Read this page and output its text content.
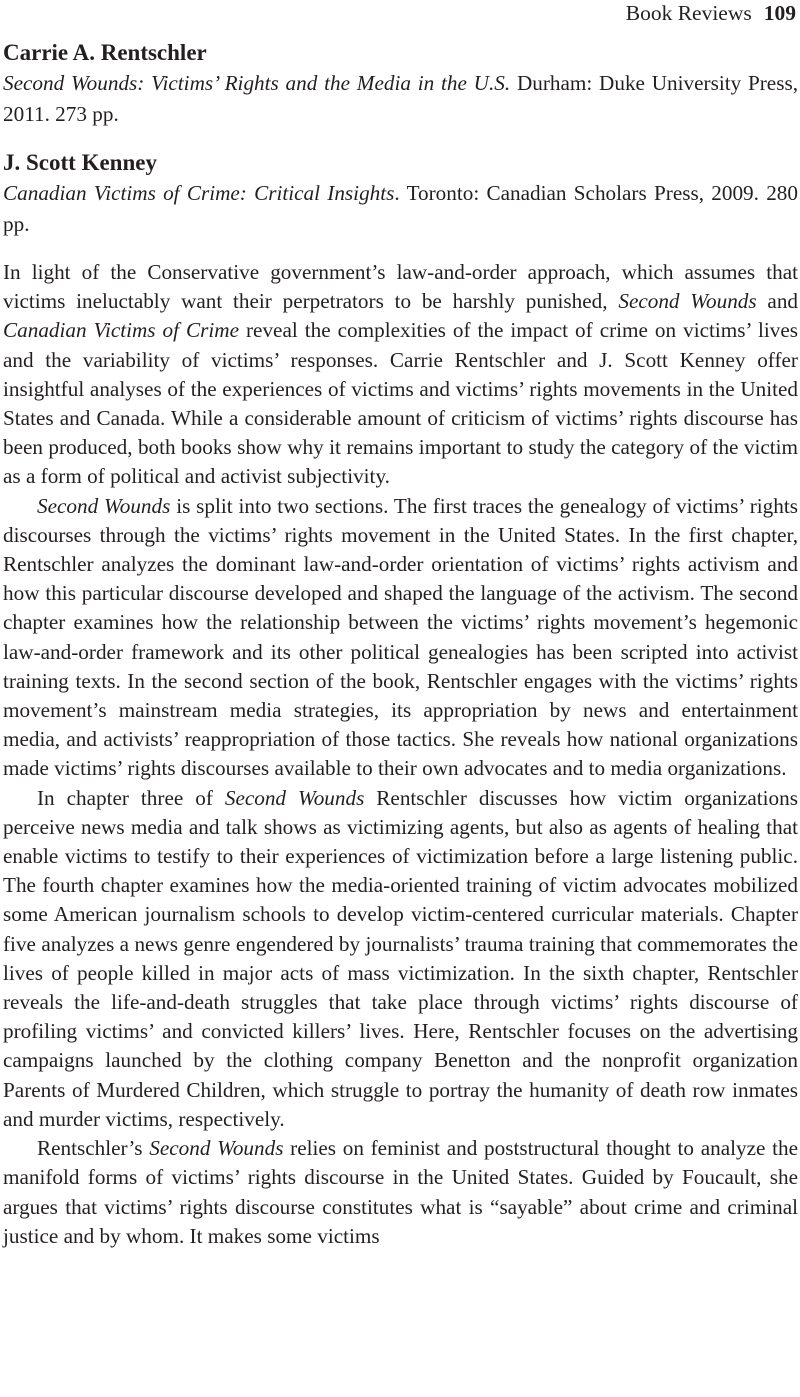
Book Reviews 109
Carrie A. Rentschler
Second Wounds: Victims’ Rights and the Media in the U.S. Durham: Duke University Press, 2011. 273 pp.
J. Scott Kenney
Canadian Victims of Crime: Critical Insights. Toronto: Canadian Scholars Press, 2009. 280 pp.

In light of the Conservative government’s law-and-order approach, which assumes that victims ineluctably want their perpetrators to be harshly punished, Second Wounds and Canadian Victims of Crime reveal the complexities of the impact of crime on victims’ lives and the variability of victims’ responses. Carrie Rentschler and J. Scott Kenney offer insightful analyses of the experiences of victims and victims’ rights movements in the United States and Canada. While a considerable amount of criticism of victims’ rights discourse has been produced, both books show why it remains important to study the category of the victim as a form of political and activist subjectivity.

Second Wounds is split into two sections. The first traces the genealogy of victims’ rights discourses through the victims’ rights movement in the United States. In the first chapter, Rentschler analyzes the dominant law-and-order orientation of victims’ rights activism and how this particular discourse developed and shaped the language of the activism. The second chapter examines how the relationship between the victims’ rights movement’s hegemonic law-and-order framework and its other political genealogies has been scripted into activist training texts. In the second section of the book, Rentschler engages with the victims’ rights movement’s mainstream media strategies, its appropriation by news and entertainment media, and activists’ reappropriation of those tactics. She reveals how national organizations made victims’ rights discourses available to their own advocates and to media organizations.

In chapter three of Second Wounds Rentschler discusses how victim organizations perceive news media and talk shows as victimizing agents, but also as agents of healing that enable victims to testify to their experiences of victimization before a large listening public. The fourth chapter examines how the media-oriented training of victim advocates mobilized some American journalism schools to develop victim-centered curricular materials. Chapter five analyzes a news genre engendered by journalists’ trauma training that commemorates the lives of people killed in major acts of mass victimization. In the sixth chapter, Rentschler reveals the life-and-death struggles that take place through victims’ rights discourse of profiling victims’ and convicted killers’ lives. Here, Rentschler focuses on the advertising campaigns launched by the clothing company Benetton and the nonprofit organization Parents of Murdered Children, which struggle to portray the humanity of death row inmates and murder victims, respectively.

Rentschler’s Second Wounds relies on feminist and poststructural thought to analyze the manifold forms of victims’ rights discourse in the United States. Guided by Foucault, she argues that victims’ rights discourse constitutes what is “sayable” about crime and criminal justice and by whom. It makes some victims
